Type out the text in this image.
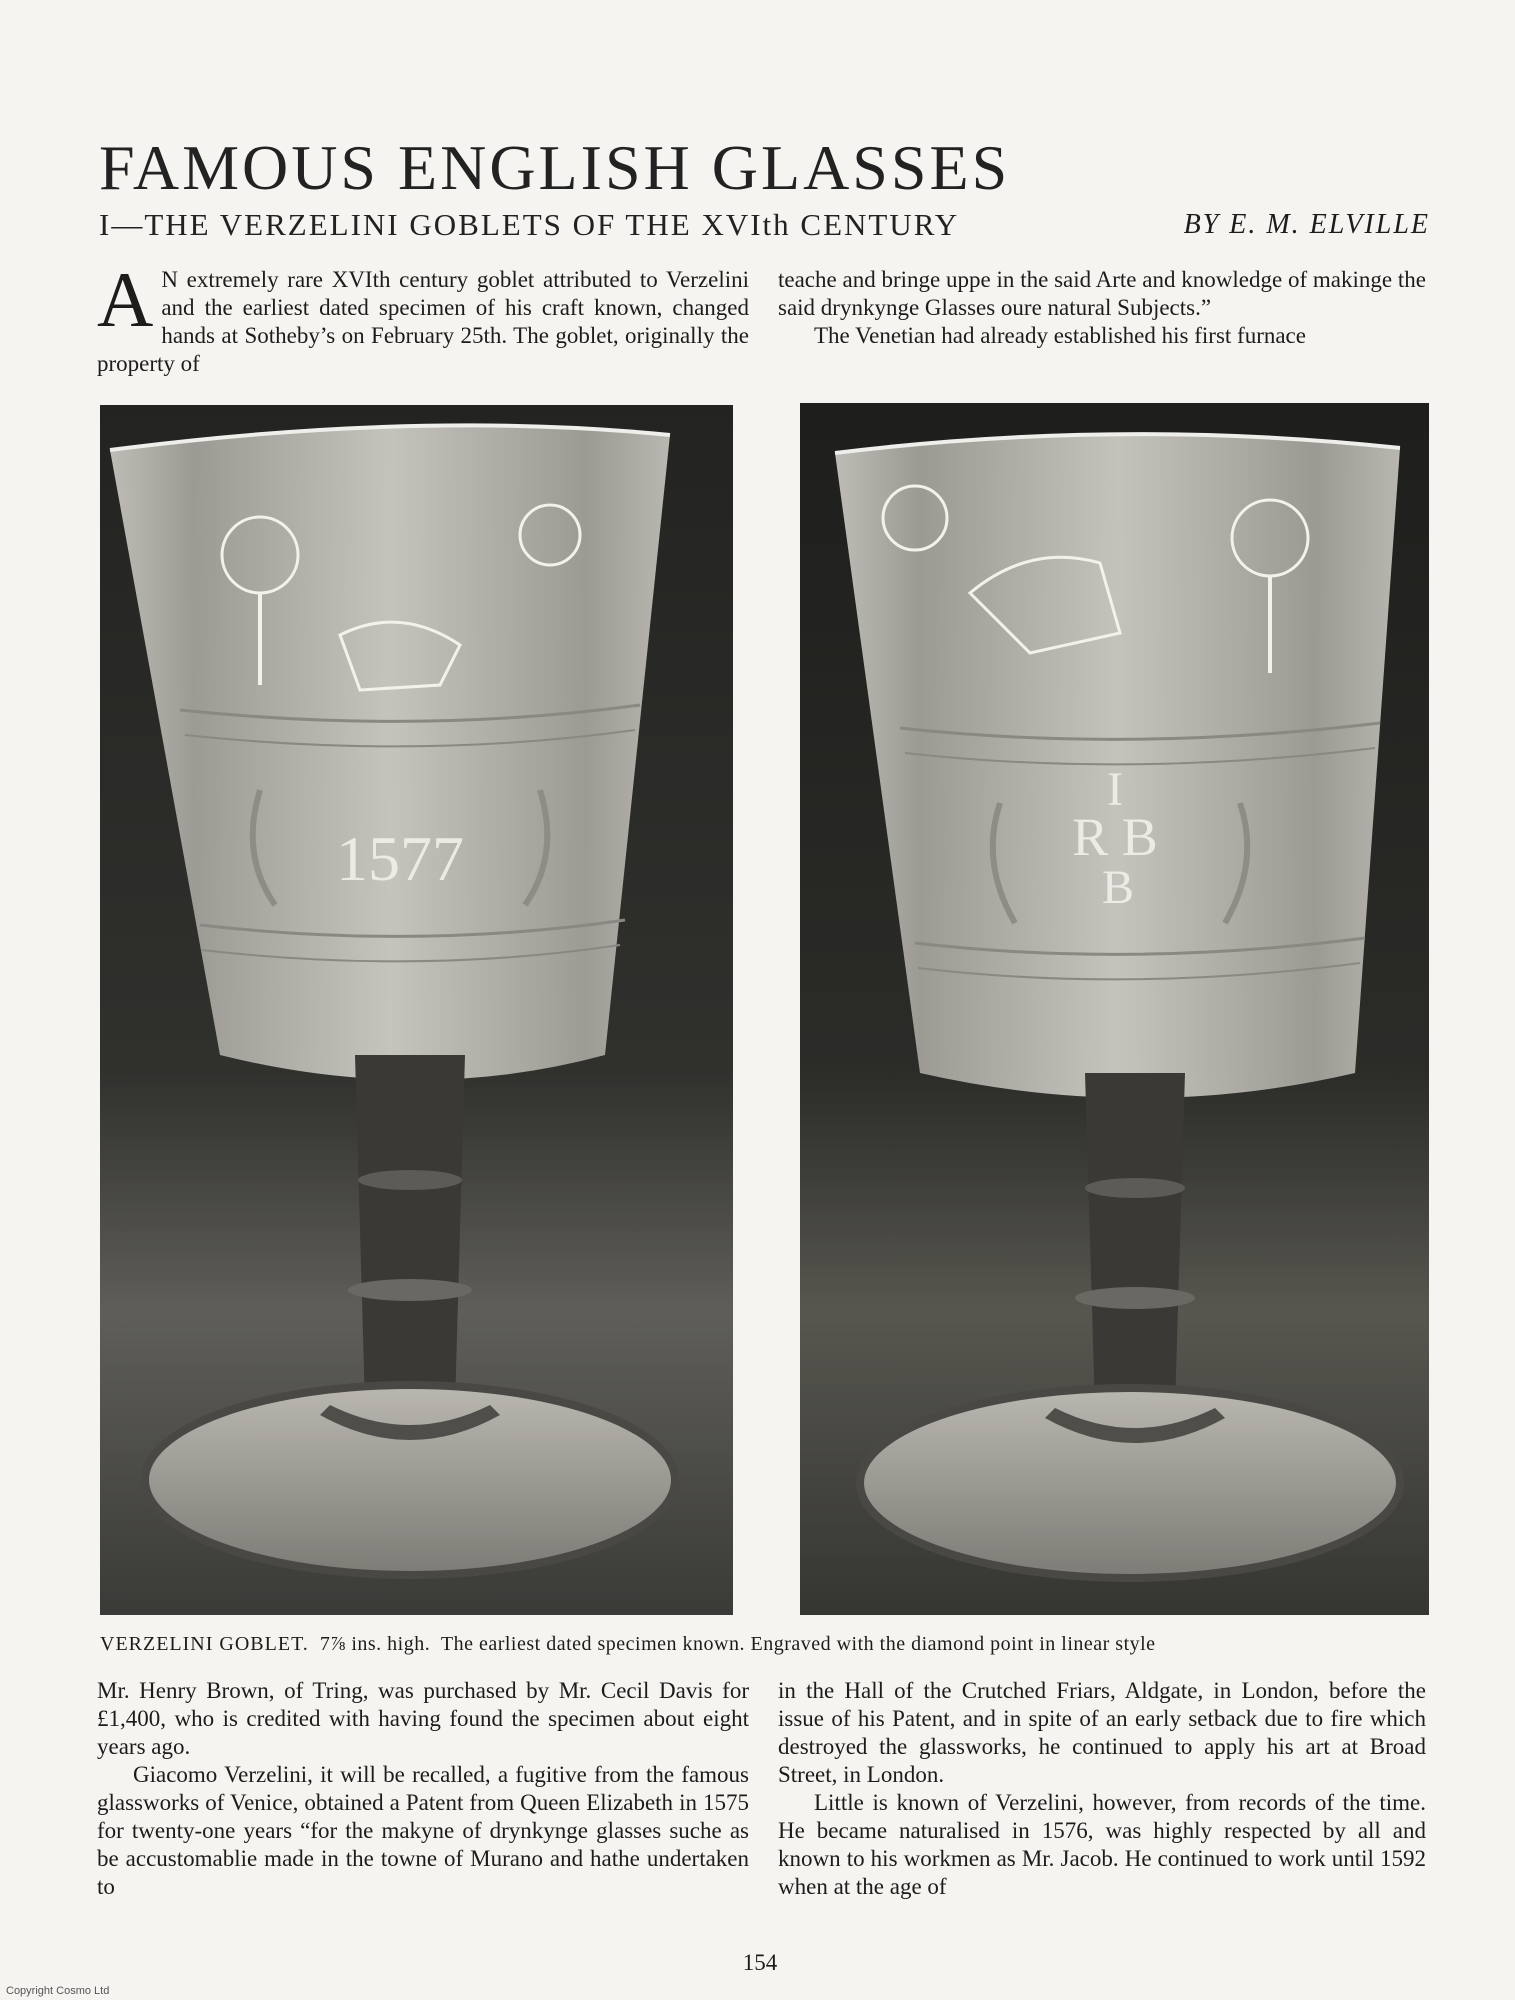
FAMOUS ENGLISH GLASSES
I—THE VERZELINI GOBLETS OF THE XVIth CENTURY	BY E. M. ELVILLE

A N extremely rare XVIth century goblet attributed to Verzelini and the earliest dated specimen of his craft known, changed hands at Sotheby’s on February 25th. The goblet, originally the property of

teache and bringe uppe in the said Arte and knowledge of makinge the said drynkynge Glasses oure natural Subjects.”

The Venetian had already established his first furnace

1577
I
R B
B
VERZELINI GOBLET. 7⅞ ins. high. The earliest dated specimen known. Engraved with the diamond point in linear style

Mr. Henry Brown, of Tring, was purchased by Mr. Cecil Davis for £1,400, who is credited with having found the specimen about eight years ago.

Giacomo Verzelini, it will be recalled, a fugitive from the famous glassworks of Venice, obtained a Patent from Queen Elizabeth in 1575 for twenty-one years “for the makyne of drynkynge glasses suche as be accustomablie made in the towne of Murano and hathe undertaken to

in the Hall of the Crutched Friars, Aldgate, in London, before the issue of his Patent, and in spite of an early setback due to fire which destroyed the glassworks, he continued to apply his art at Broad Street, in London.

Little is known of Verzelini, however, from records of the time. He became naturalised in 1576, was highly respected by all and known to his workmen as Mr. Jacob. He continued to work until 1592 when at the age of

154
Copyright Cosmo Ltd
